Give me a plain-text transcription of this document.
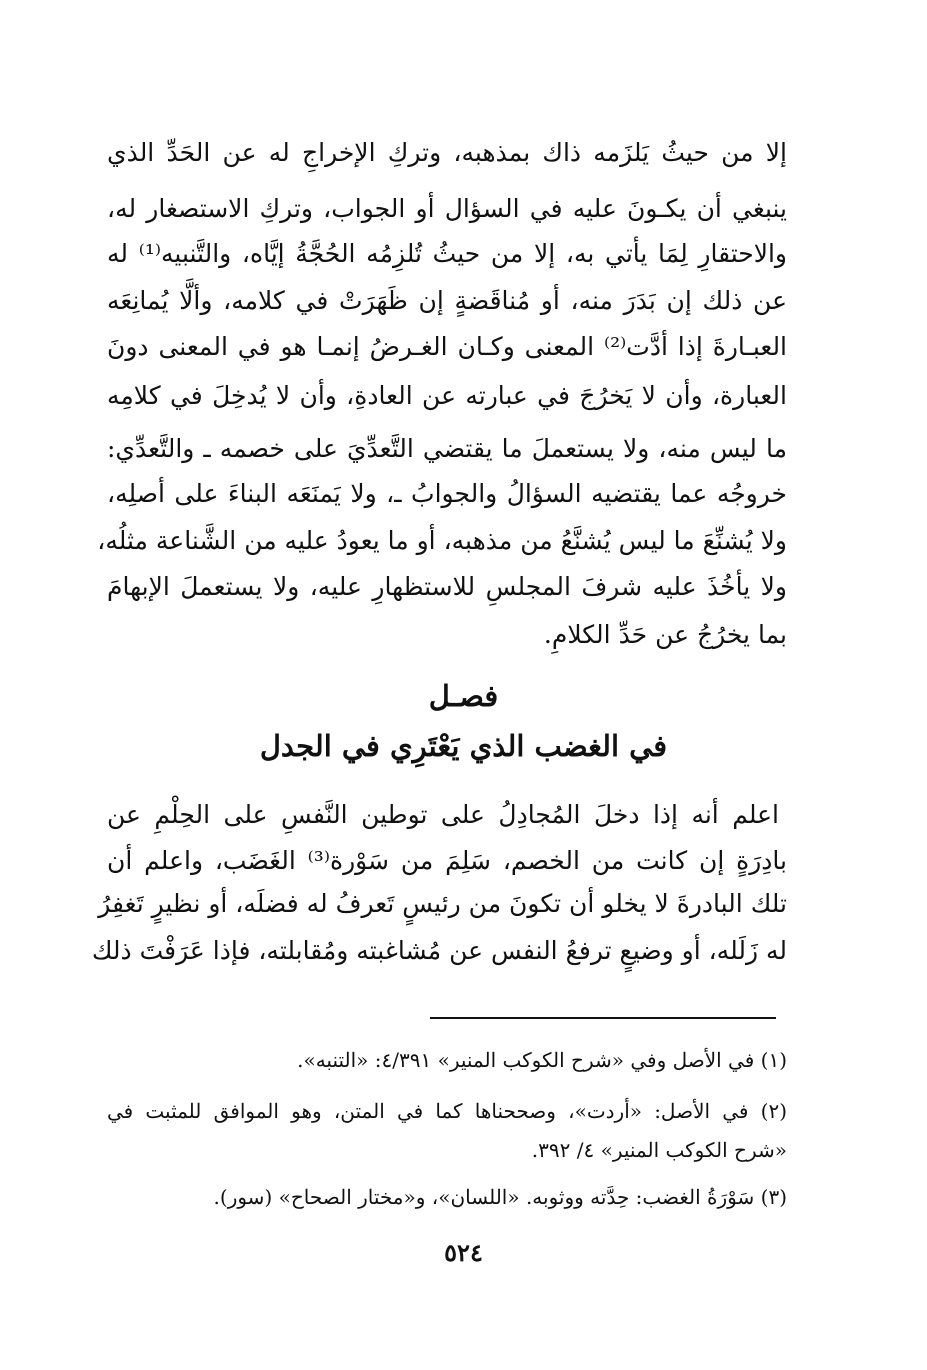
إلا من حيثُ يَلزَمه ذاك بمذهبه، وتركِ الإخراجِ له عن الحَدِّ الذي
ينبغي أن يكـونَ عليه في السؤال أو الجواب، وتركِ الاستصغار له،
والاحتقارِ لِمَا يأتي به، إلا من حيثُ تُلزِمُه الحُجَّةُ إيَّاه، والتَّنبيه⁽¹⁾ له
عن ذلك إن بَدَرَ منه، أو مُناقَضةٍ إن ظَهَرَتْ في كلامه، وألَّا يُمانِعَه
العبـارةَ إذا أدَّت⁽²⁾ المعنى وكـان الغـرضُ إنمـا هو في المعنى دونَ
العبارة، وأن لا يَخرُجَ في عبارته عن العادةِ، وأن لا يُدخِلَ في كلامِه
ما ليس منه، ولا يستعملَ ما يقتضي التَّعدِّيَ على خصمه ـ والتَّعدِّي:
خروجُه عما يقتضيه السؤالُ والجوابُ ـ، ولا يَمنَعَه البناءَ على أصلِه،
ولا يُشنِّعَ ما ليس يُشنَّعُ من مذهبه، أو ما يعودُ عليه من الشَّناعة مثلُه،
ولا يأخُذَ عليه شرفَ المجلسِ للاستظهارِ عليه، ولا يستعملَ الإبهامَ
بما يخرُجُ عن حَدِّ الكلامِ.
فصـل
في الغضب الذي يَعْتَرِي في الجدل
اعلم أنه إذا دخلَ المُجادِلُ على توطين النَّفسِ على الحِلْمِ عن
بادِرَةٍ إن كانت من الخصم، سَلِمَ من سَوْرة⁽³⁾ الغَضَب، واعلم أن
تلك البادرةَ لا يخلو أن تكونَ من رئيسٍ تَعرفُ له فضلَه، أو نظيرٍ تَغفِرُ
له زَلَله، أو وضيعٍ ترفعُ النفس عن مُشاغبته ومُقابلته، فإذا عَرَفْتَ ذلك
(١) في الأصل وفي «شرح الكوكب المنير» ٤/٣٩١: «التنبه».
(٢) في الأصل: «أردت»، وصححناها كما في المتن، وهو الموافق للمثبت في
«شرح الكوكب المنير» ٤/ ٣٩٢.
(٣) سَوْرَةُ الغضب: حِدَّته ووثوبه. «اللسان»، و«مختار الصحاح» (سور).
٥٢٤
